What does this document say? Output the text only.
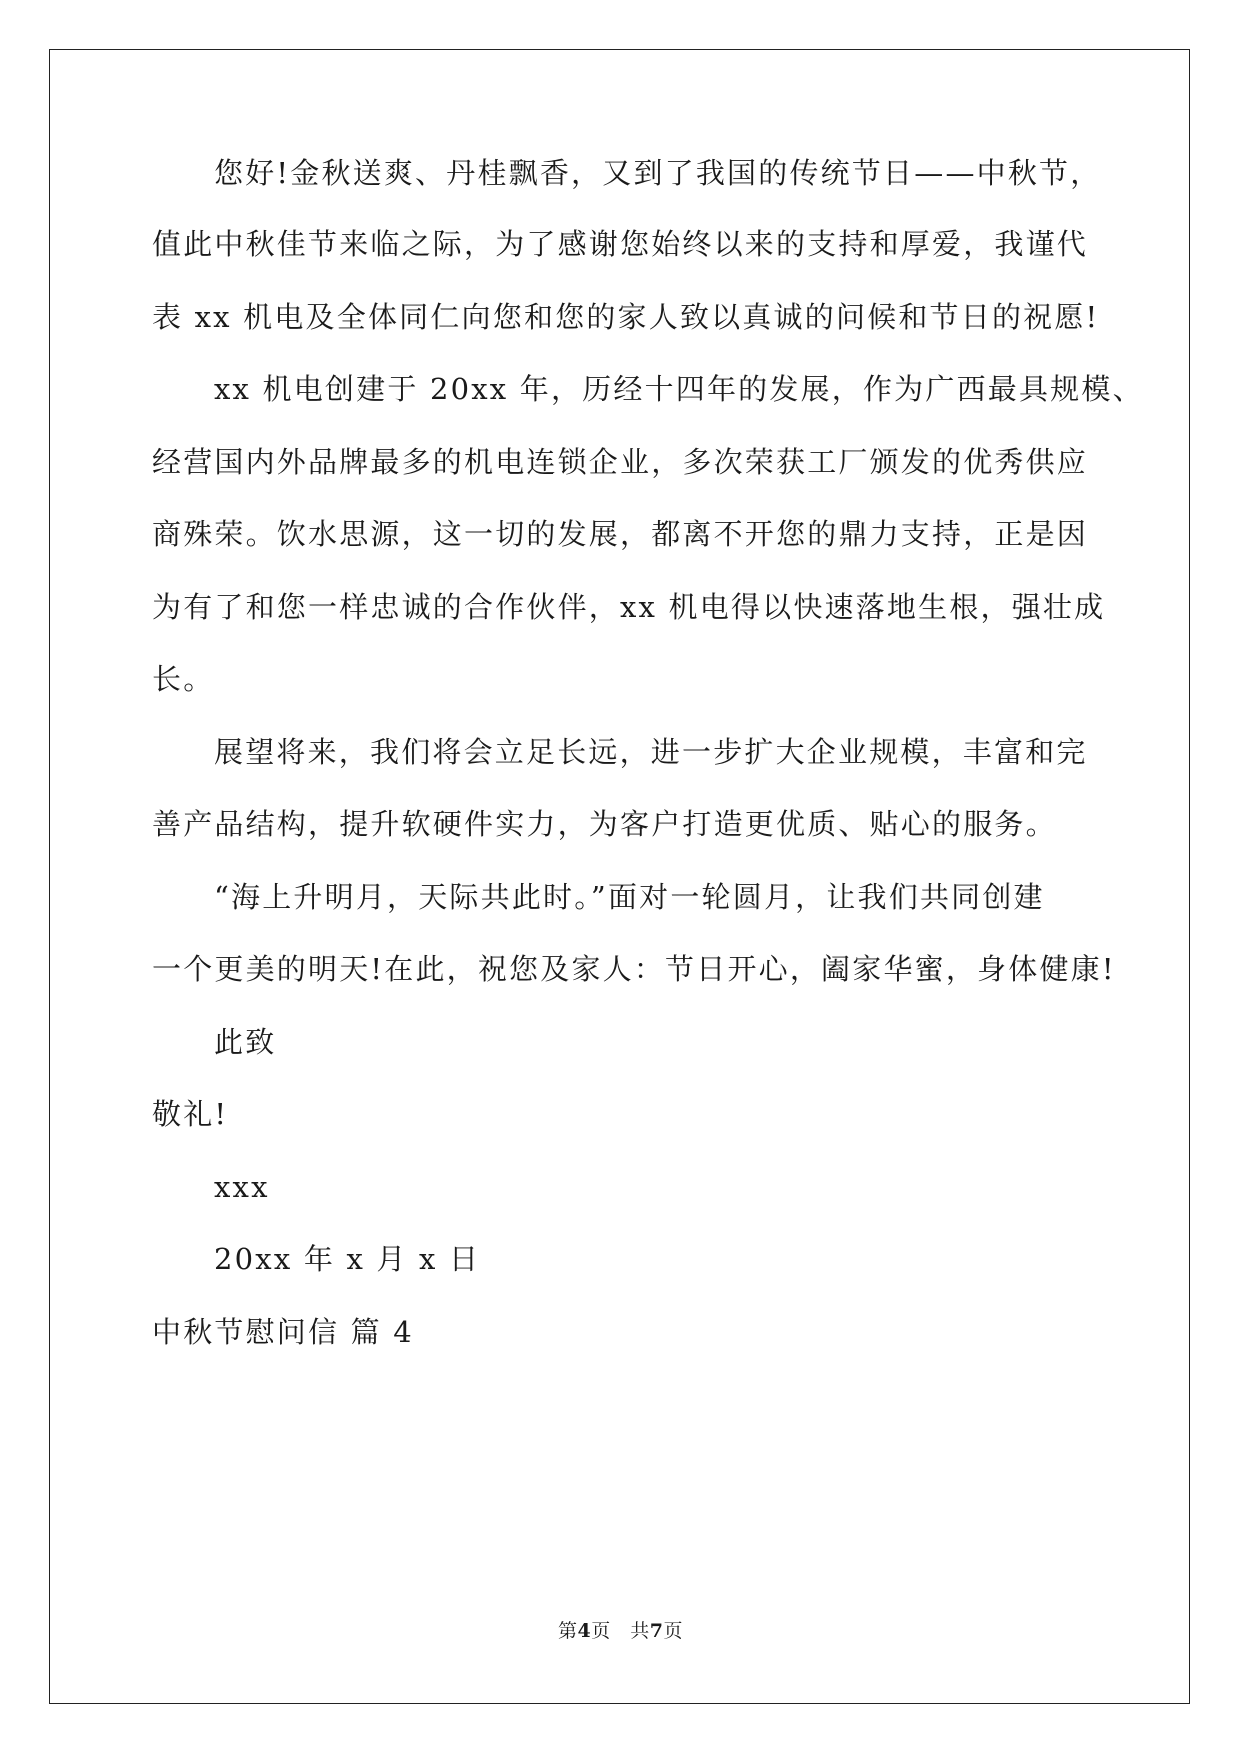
您好!金秋送爽、丹桂飘香，又到了我国的传统节日——中秋节，
值此中秋佳节来临之际，为了感谢您始终以来的支持和厚爱，我谨代
表 xx 机电及全体同仁向您和您的家人致以真诚的问候和节日的祝愿!
xx 机电创建于 20xx 年，历经十四年的发展，作为广西最具规模、
经营国内外品牌最多的机电连锁企业，多次荣获工厂颁发的优秀供应
商殊荣。饮水思源，这一切的发展，都离不开您的鼎力支持，正是因
为有了和您一样忠诚的合作伙伴，xx 机电得以快速落地生根，强壮成
长。
展望将来，我们将会立足长远，进一步扩大企业规模，丰富和完
善产品结构，提升软硬件实力，为客户打造更优质、贴心的服务。
“海上升明月，天际共此时。”面对一轮圆月，让我们共同创建
一个更美的明天!在此，祝您及家人：节日开心，阖家华蜜，身体健康!
此致
敬礼!
xxx
20xx 年 x 月 x 日
中秋节慰问信 篇 4
第4页　共7页
